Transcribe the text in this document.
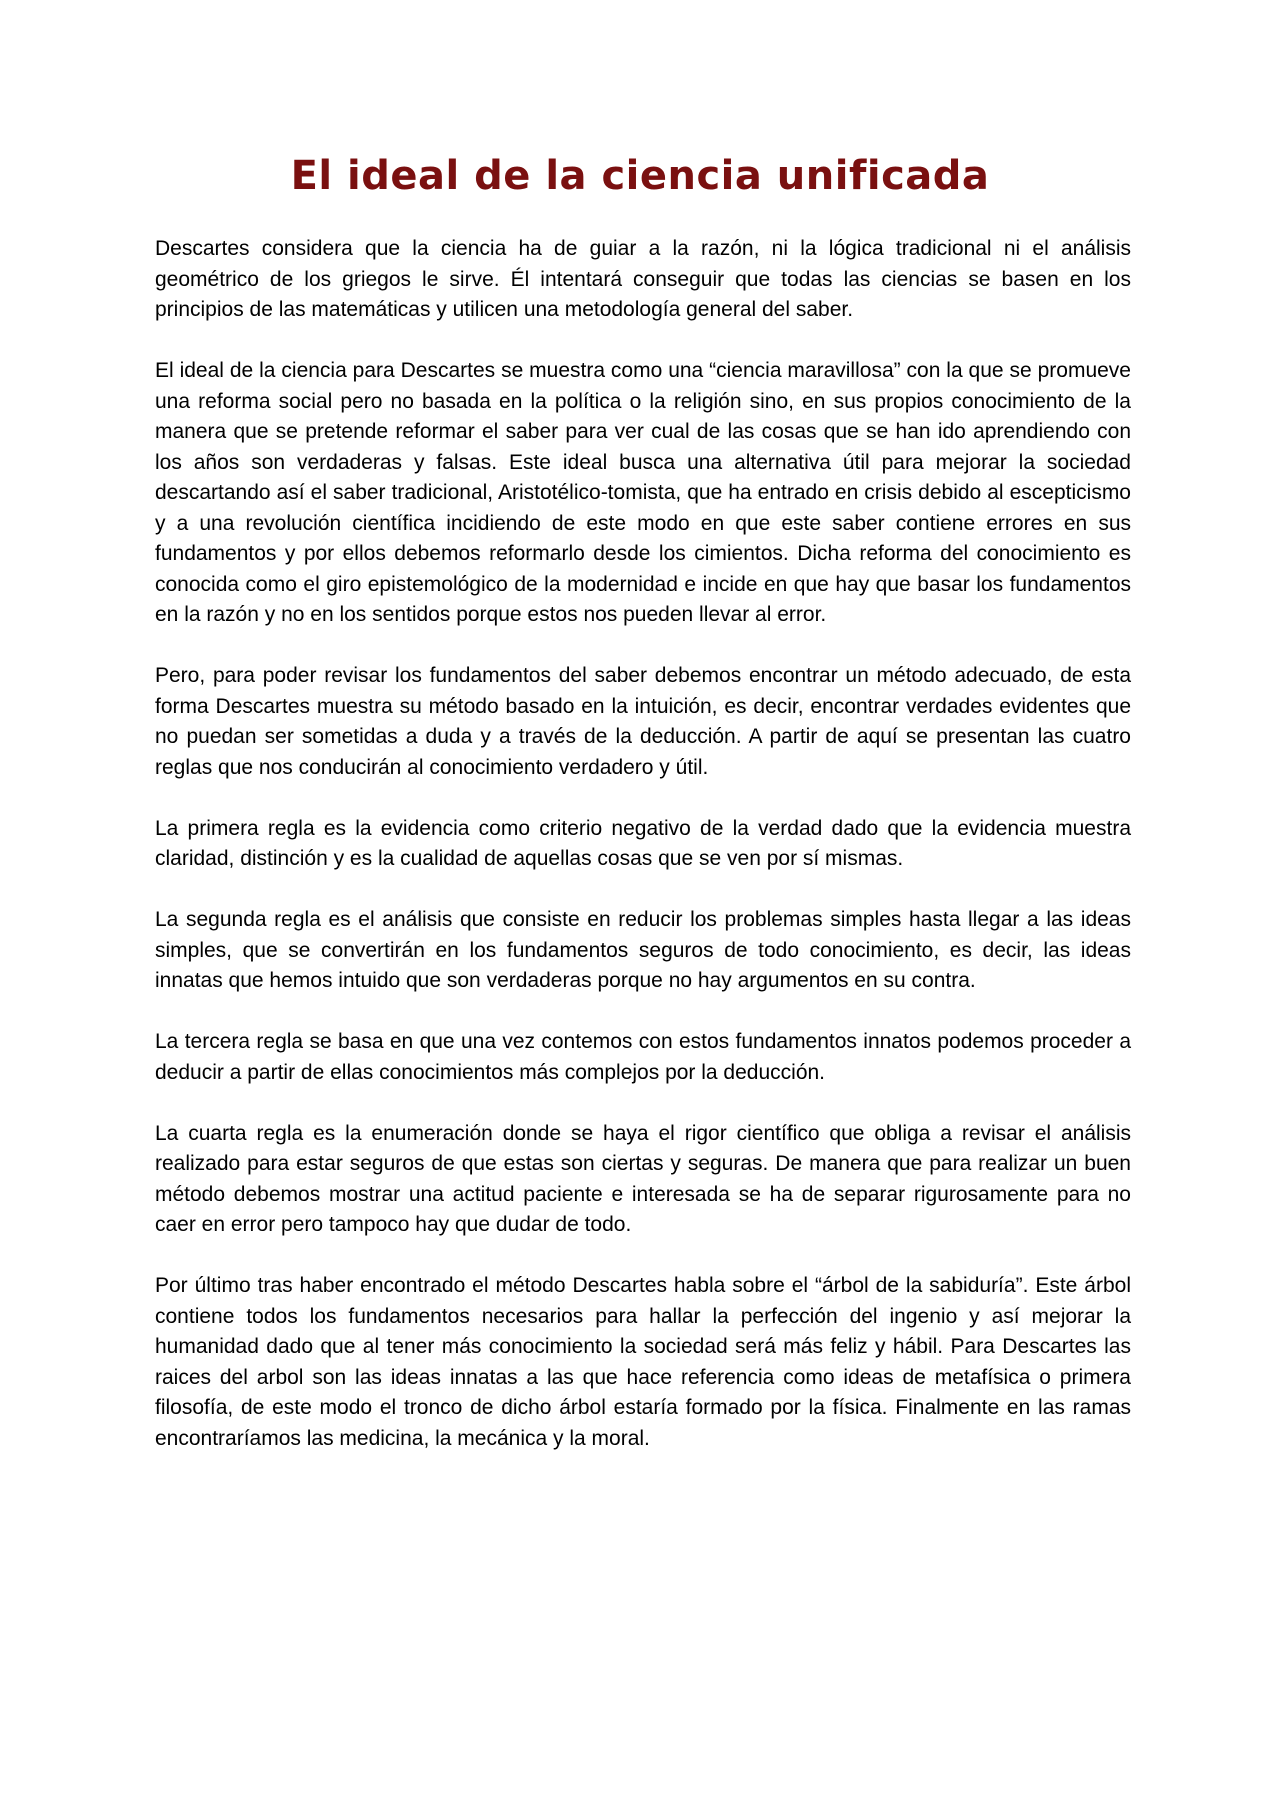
El ideal de la ciencia unificada

Descartes considera que la ciencia ha de guiar a la razón, ni la lógica tradicional ni el análisis geométrico de los griegos le sirve. Él intentará conseguir que todas las ciencias se basen en los principios de las matemáticas y utilicen una metodología general del saber.

El ideal de la ciencia para Descartes se muestra como una “ciencia maravillosa” con la que se promueve una reforma social pero no basada en la política o la religión sino, en sus propios conocimiento de la manera que se pretende reformar el saber para ver cual de las cosas que se han ido aprendiendo con los años son verdaderas y falsas. Este ideal busca una alternativa útil para mejorar la sociedad descartando así el saber tradicional, Aristotélico-tomista, que ha entrado en crisis debido al escepticismo y a una revolución científica incidiendo de este modo en que este saber contiene errores en sus fundamentos y por ellos debemos reformarlo desde los cimientos. Dicha reforma del conocimiento es conocida como el giro epistemológico de la modernidad e incide en que hay que basar los fundamentos en la razón y no en los sentidos porque estos nos pueden llevar al error.

Pero, para poder revisar los fundamentos del saber debemos encontrar un método adecuado, de esta forma Descartes muestra su método basado en la intuición, es decir, encontrar verdades evidentes que no puedan ser sometidas a duda y a través de la deducción. A partir de aquí se presentan las cuatro reglas que nos conducirán al conocimiento verdadero y útil.

La primera regla es la evidencia como criterio negativo de la verdad dado que la evidencia muestra claridad, distinción y es la cualidad de aquellas cosas que se ven por sí mismas.

La segunda regla es el análisis que consiste en reducir los problemas simples hasta llegar a las ideas simples, que se convertirán en los fundamentos seguros de todo conocimiento, es decir, las ideas innatas que hemos intuido que son verdaderas porque no hay argumentos en su contra.

La tercera regla se basa en que una vez contemos con estos fundamentos innatos podemos proceder a deducir a partir de ellas conocimientos más complejos por la deducción.

La cuarta regla es la enumeración donde se haya el rigor científico que obliga a revisar el análisis realizado para estar seguros de que estas son ciertas y seguras. De manera que para realizar un buen método debemos mostrar una actitud paciente e interesada se ha de separar rigurosamente para no caer en error pero tampoco hay que dudar de todo.

Por último tras haber encontrado el método Descartes habla sobre el “árbol de la sabiduría”. Este árbol contiene todos los fundamentos necesarios para hallar la perfección del ingenio y así mejorar la humanidad dado que al tener más conocimiento la sociedad será más feliz y hábil. Para Descartes las raices del arbol son las ideas innatas a las que hace referencia como ideas de metafísica o primera filosofía, de este modo el tronco de dicho árbol estaría formado por la física. Finalmente en las ramas encontraríamos las medicina, la mecánica y la moral.
